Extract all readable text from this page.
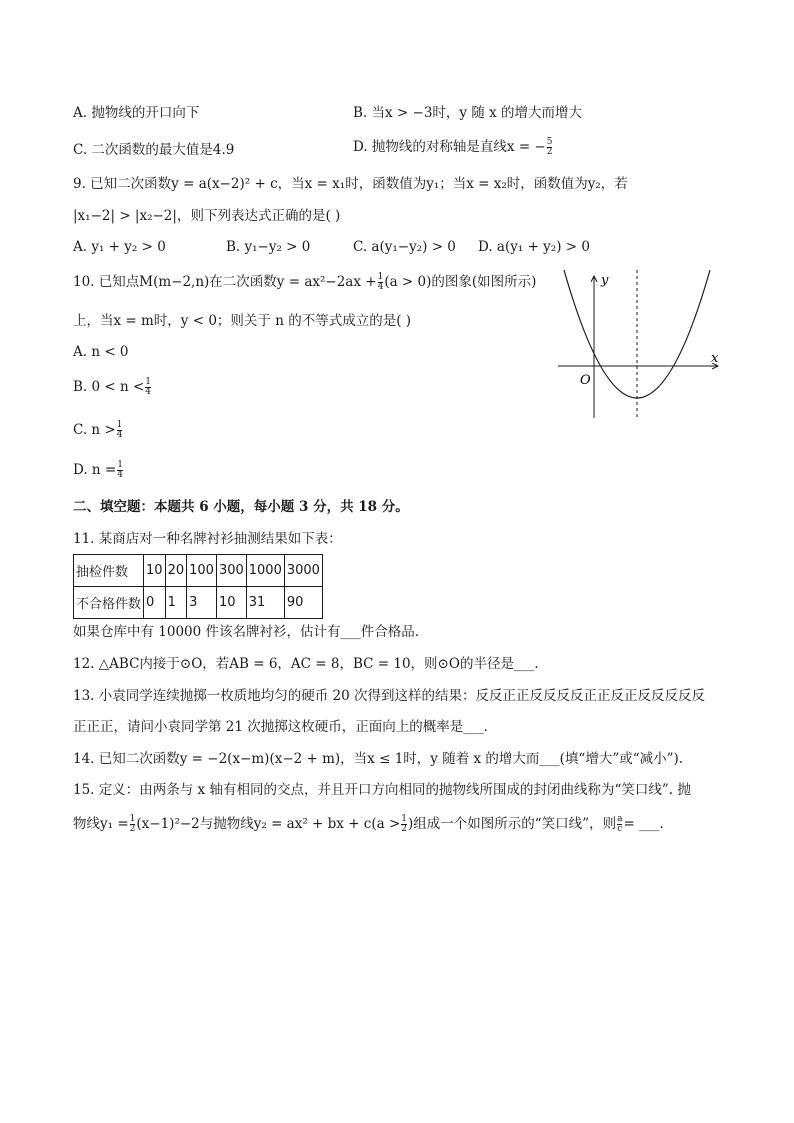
A. 抛物线的开口向下	B. 当x > −3时，y 随 x 的增大而增大
C. 二次函数的最大值是4.9	D. 抛物线的对称轴是直线x = − $\frac{5}{2}$
9. 已知二次函数y = a(x−2)² + c，当x = x₁时，函数值为y₁；当x = x₂时，函数值为y₂，若
|x₁−2| > |x₂−2|，则下列表达式正确的是( )
A. y₁ + y₂ > 0	B. y₁−y₂ > 0	C. a(y₁−y₂) > 0 D. a(y₁ + y₂) > 0
10. 已知点M(m−2,n)在二次函数$y = ax^2-2ax + \frac{1}{4} (a > 0)$的图象(如图所示)
上，当x = m时，y < 0；则关于 n 的不等式成立的是( )
A. n < 0
B. $0 < n < \frac{1}{4}$
C. $n > \frac{1}{4}$
D. $n = \frac{1}{4}$
y
x
O
二、填空题：本题共 6 小题，每小题 3 分，共 18 分。
11. 某商店对一种名牌衬衫抽测结果如下表：
抽检件数	10	20	100	300	1000	3000
不合格件数	0	1	3	10	31	90
如果仓库中有 10000 件该名牌衬衫，估计有___件合格品.
12. △ABC内接于⊙O，若AB = 6，AC = 8，BC = 10，则⊙O的半径是___.
13. 小袁同学连续抛掷一枚质地均匀的硬币 20 次得到这样的结果：反反正正反反反反正正反正反反反反反
正正正，请问小袁同学第 21 次抛掷这枚硬币，正面向上的概率是___.
14. 已知二次函数y = −2(x−m)(x−2 + m)，当x ≤ 1时，y 随着 x 的增大而___(填“增大”或“减小”).
15. 定义：由两条与 x 轴有相同的交点，并且开口方向相同的抛物线所围成的封闭曲线称为“笑口线”. 抛
物线$y_1 = \frac{1}{2} (x-1)^2-2$与抛物线y₂ = ax² + bx + $c(a > \frac{1}{2}$ )组成一个如图所示的“笑口线”，则 $\frac{a}{c}$ = ___.
